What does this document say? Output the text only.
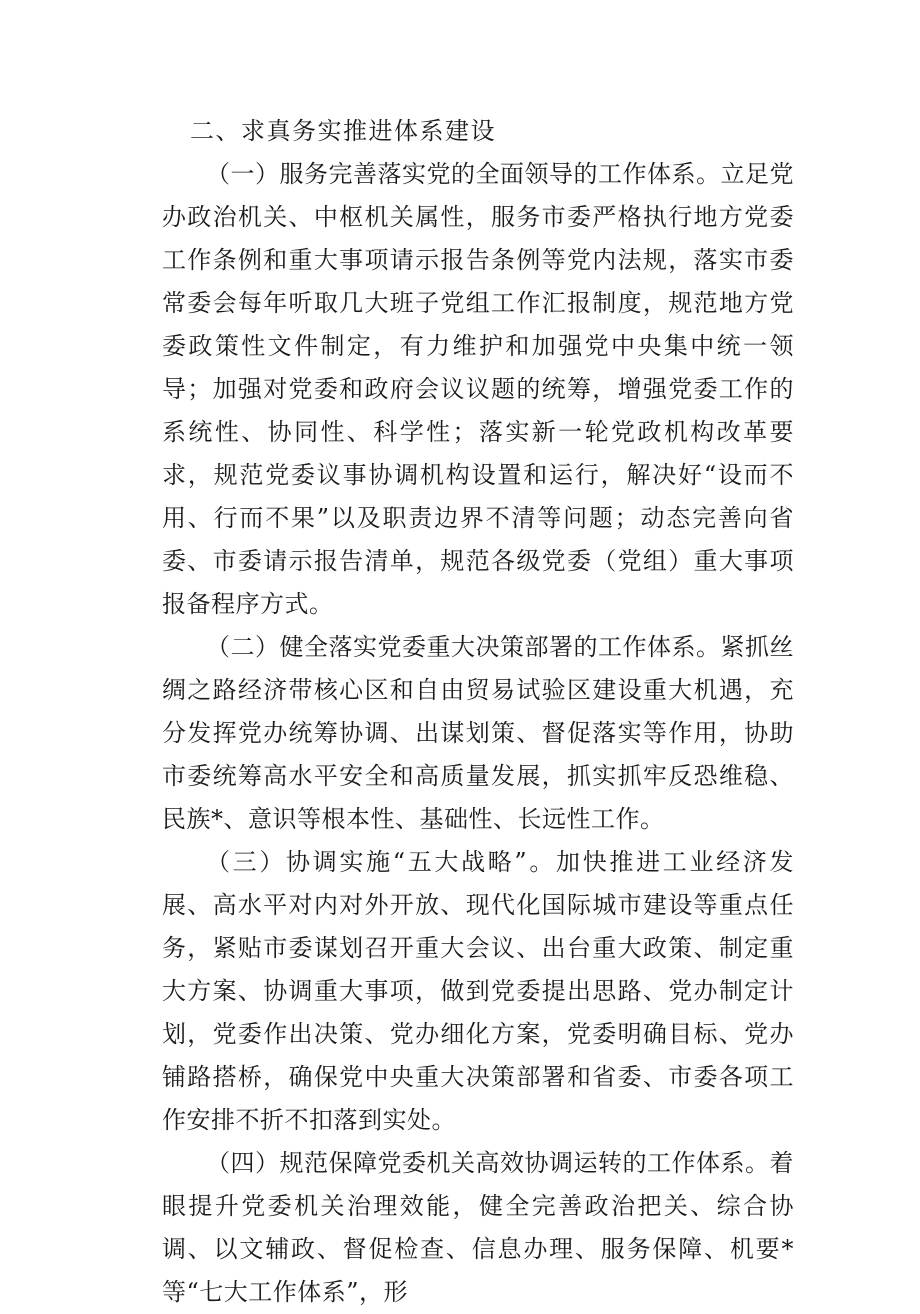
二、求真务实推进体系建设

（一）服务完善落实党的全面领导的工作体系。立足党办政治机关、中枢机关属性，服务市委严格执行地方党委工作条例和重大事项请示报告条例等党内法规，落实市委常委会每年听取几大班子党组工作汇报制度，规范地方党委政策性文件制定，有力维护和加强党中央集中统一领导；加强对党委和政府会议议题的统筹，增强党委工作的系统性、协同性、科学性；落实新一轮党政机构改革要求，规范党委议事协调机构设置和运行，解决好“设而不用、行而不果”以及职责边界不清等问题；动态完善向省委、市委请示报告清单，规范各级党委（党组）重大事项报备程序方式。

（二）健全落实党委重大决策部署的工作体系。紧抓丝绸之路经济带核心区和自由贸易试验区建设重大机遇，充分发挥党办统筹协调、出谋划策、督促落实等作用，协助市委统筹高水平安全和高质量发展，抓实抓牢反恐维稳、民族*、意识等根本性、基础性、长远性工作。

（三）协调实施“五大战略”。加快推进工业经济发展、高水平对内对外开放、现代化国际城市建设等重点任务，紧贴市委谋划召开重大会议、出台重大政策、制定重大方案、协调重大事项，做到党委提出思路、党办制定计划，党委作出决策、党办细化方案，党委明确目标、党办铺路搭桥，确保党中央重大决策部署和省委、市委各项工作安排不折不扣落到实处。

（四）规范保障党委机关高效协调运转的工作体系。着眼提升党委机关治理效能，健全完善政治把关、综合协调、以文辅政、督促检查、信息办理、服务保障、机要*等“七大工作体系”，形
